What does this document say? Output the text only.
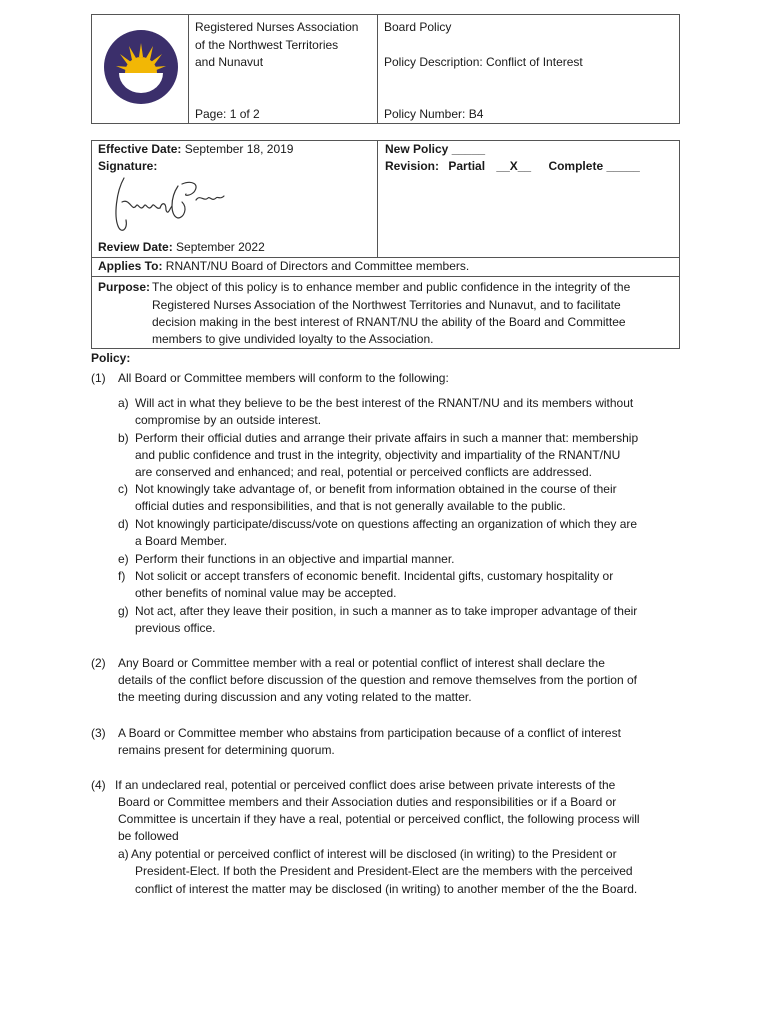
Registered Nurses Association
of the Northwest Territories
and Nunavut
Page: 1 of 2
Board Policy
Policy Description: Conflict of Interest
Policy Number: B4
Effective Date: September 18, 2019
Signature:
New Policy _____
Revision: Partial __X__ Complete _____
Review Date: September 2022
Applies To: RNANT/NU Board of Directors and Committee members.
Purpose: The object of this policy is to enhance member and public confidence in the integrity of the
Registered Nurses Association of the Northwest Territories and Nunavut, and to facilitate
decision making in the best interest of RNANT/NU the ability of the Board and Committee
members to give undivided loyalty to the Association.
Policy:
(1) All Board or Committee members will conform to the following:
a) Will act in what they believe to be the best interest of the RNANT/NU and its members without
compromise by an outside interest.
b) Perform their official duties and arrange their private affairs in such a manner that: membership
and public confidence and trust in the integrity, objectivity and impartiality of the RNANT/NU
are conserved and enhanced; and real, potential or perceived conflicts are addressed.
c) Not knowingly take advantage of, or benefit from information obtained in the course of their
official duties and responsibilities, and that is not generally available to the public.
d) Not knowingly participate/discuss/vote on questions affecting an organization of which they are
a Board Member.
e) Perform their functions in an objective and impartial manner.
f) Not solicit or accept transfers of economic benefit. Incidental gifts, customary hospitality or
other benefits of nominal value may be accepted.
g) Not act, after they leave their position, in such a manner as to take improper advantage of their
previous office.
(2) Any Board or Committee member with a real or potential conflict of interest shall declare the
details of the conflict before discussion of the question and remove themselves from the portion of
the meeting during discussion and any voting related to the matter.
(3) A Board or Committee member who abstains from participation because of a conflict of interest
remains present for determining quorum.
(4) If an undeclared real, potential or perceived conflict does arise between private interests of the
Board or Committee members and their Association duties and responsibilities or if a Board or
Committee is uncertain if they have a real, potential or perceived conflict, the following process will
be followed
a) Any potential or perceived conflict of interest will be disclosed (in writing) to the President or
President-Elect. If both the President and President-Elect are the members with the perceived
conflict of interest the matter may be disclosed (in writing) to another member of the the Board.
